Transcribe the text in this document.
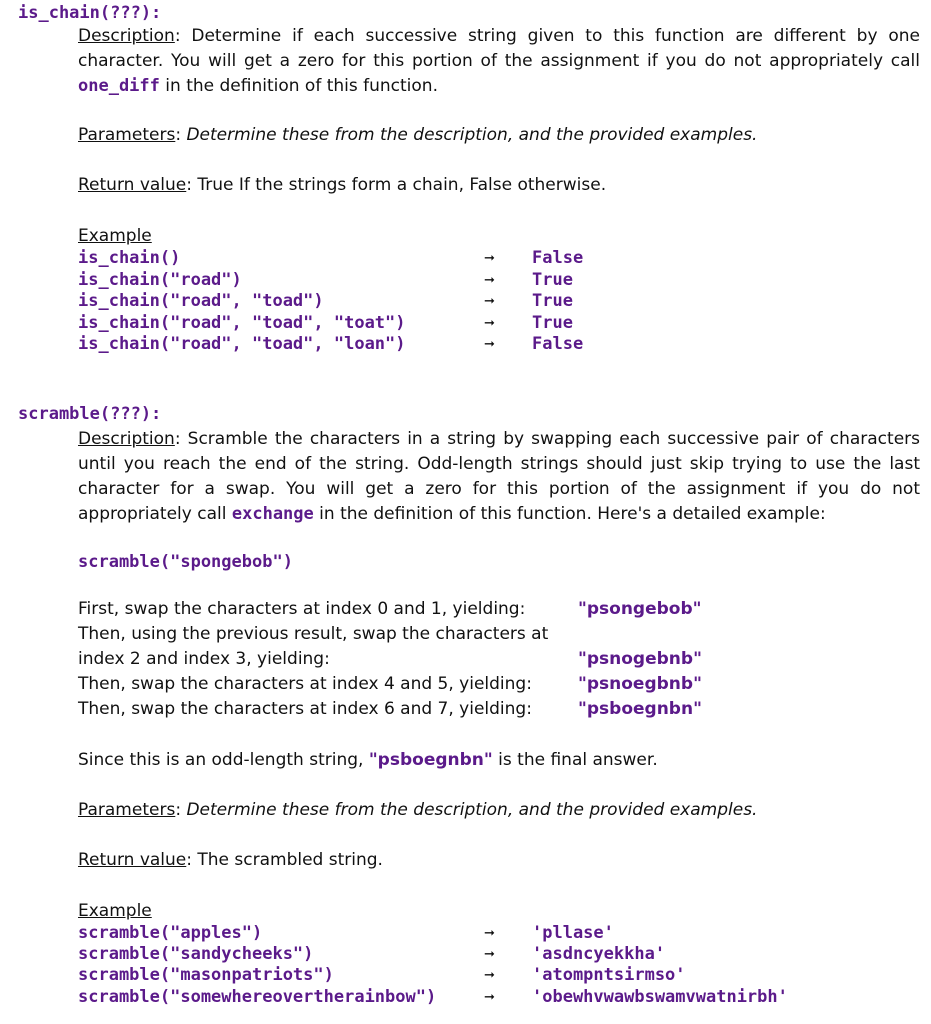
is_chain(???):
Description: Determine if each successive string given to this function are different by one character. You will get a zero for this portion of the assignment if you do not appropriately call one_diff in the definition of this function.
Parameters: Determine these from the description, and the provided examples.
Return value: True If the strings form a chain, False otherwise.
Example
is_chain()	➞ False
is_chain("road")	➞ True
is_chain("road", "toad")	➞ True
is_chain("road", "toad", "toat")	➞ True
is_chain("road", "toad", "loan")	➞ False
scramble(???):
Description: Scramble the characters in a string by swapping each successive pair of characters until you reach the end of the string. Odd-length strings should just skip trying to use the last character for a swap. You will get a zero for this portion of the assignment if you do not appropriately call exchange in the definition of this function. Here's a detailed example:
scramble("spongebob")
First, swap the characters at index 0 and 1, yielding:	"psongebob"
Then, using the previous result, swap the characters at
index 2 and index 3, yielding:	"psnogebnb"
Then, swap the characters at index 4 and 5, yielding:	"psnoegbnb"
Then, swap the characters at index 6 and 7, yielding:	"psboegnbn"
Since this is an odd-length string, "psboegnbn" is the final answer.
Parameters: Determine these from the description, and the provided examples.
Return value: The scrambled string.
Example
scramble("apples")	➞ 'pllase'
scramble("sandycheeks")	➞ 'asdncyekkha'
scramble("masonpatriots")	➞ 'atompntsirmso'
scramble("somewhereovertherainbow")	➞ 'obewhvwawbswamvwatnirbh'
